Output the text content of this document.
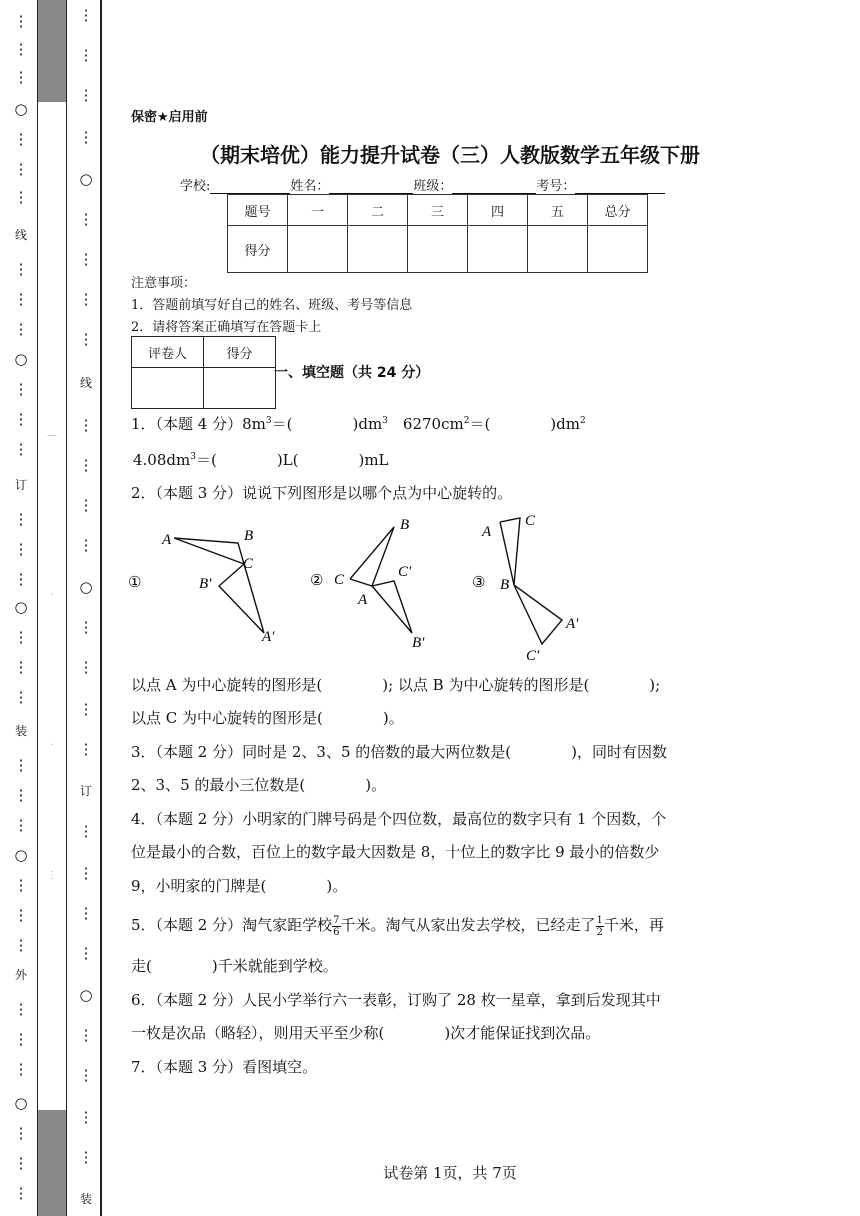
⋮
⋮
⋮
○
⋮
⋮
⋮
线
⋮
⋮
⋮
○
⋮
⋮
⋮
订
⋮
⋮
⋮
○
⋮
⋮
⋮
装
⋮
⋮
⋮
○
⋮
⋮
⋮
外
⋮
⋮
⋮
○
⋮
⋮
⋮
—
·
·
⋮
⋮
⋮
⋮
⋮
○
⋮
⋮
⋮
⋮
线
⋮
⋮
⋮
⋮
○
⋮
⋮
⋮
⋮
订
⋮
⋮
⋮
⋮
○
⋮
⋮
⋮
⋮
装
保密★启用前
（期末培优）能力提升试卷（三）人教版数学五年级下册
学校:	姓名：	班级：	考号：
题号	一	二	三	四	五	总分
得分						
注意事项：
1．答题前填写好自己的姓名、班级、考号等信息
2．请将答案正确填写在答题卡上
评卷人	得分

一、填空题（共 24 分）
1．（本题 4 分）$8m^3=$(　　　　)$dm^3$　$6270cm^2=$(　　　　)$dm^2$
$4.08dm^3=$(　　　　)L(　　　　)mL
2．（本题 3 分）说说下列图形是以哪个点为中心旋转的。
①
A	B
C
B′
A′
② C
B
C′
A
B′
③
A
C
B
A′
C′
以点 A 为中心旋转的图形是(　　　　); 以点 B 为中心旋转的图形是(　　　　);
以点 C 为中心旋转的图形是(　　　　)。
3．（本题 2 分）同时是 2、3、5 的倍数的最大两位数是(　　　　)，同时有因数
2、3、5 的最小三位数是(　　　　)。
4．（本题 2 分）小明家的门牌号码是个四位数，最高位的数字只有 1 个因数，个
位是最小的合数，百位上的数字最大因数是 8，十位上的数字比 9 最小的倍数少
9，小明家的门牌是(　　　　)。
5．（本题 2 分）淘气家距学校 $\frac{7}{6}$ 千米。淘气从家出发去学校，已经走了 $\frac{1}{2}$ 千米，再
走(　　　　)千米就能到学校。
6．（本题 2 分）人民小学举行六一表彰，订购了 28 枚一星章，拿到后发现其中
一枚是次品（略轻），则用天平至少称(　　　　)次才能保证找到次品。
7．（本题 3 分）看图填空。
试卷第 1页，共 7页
